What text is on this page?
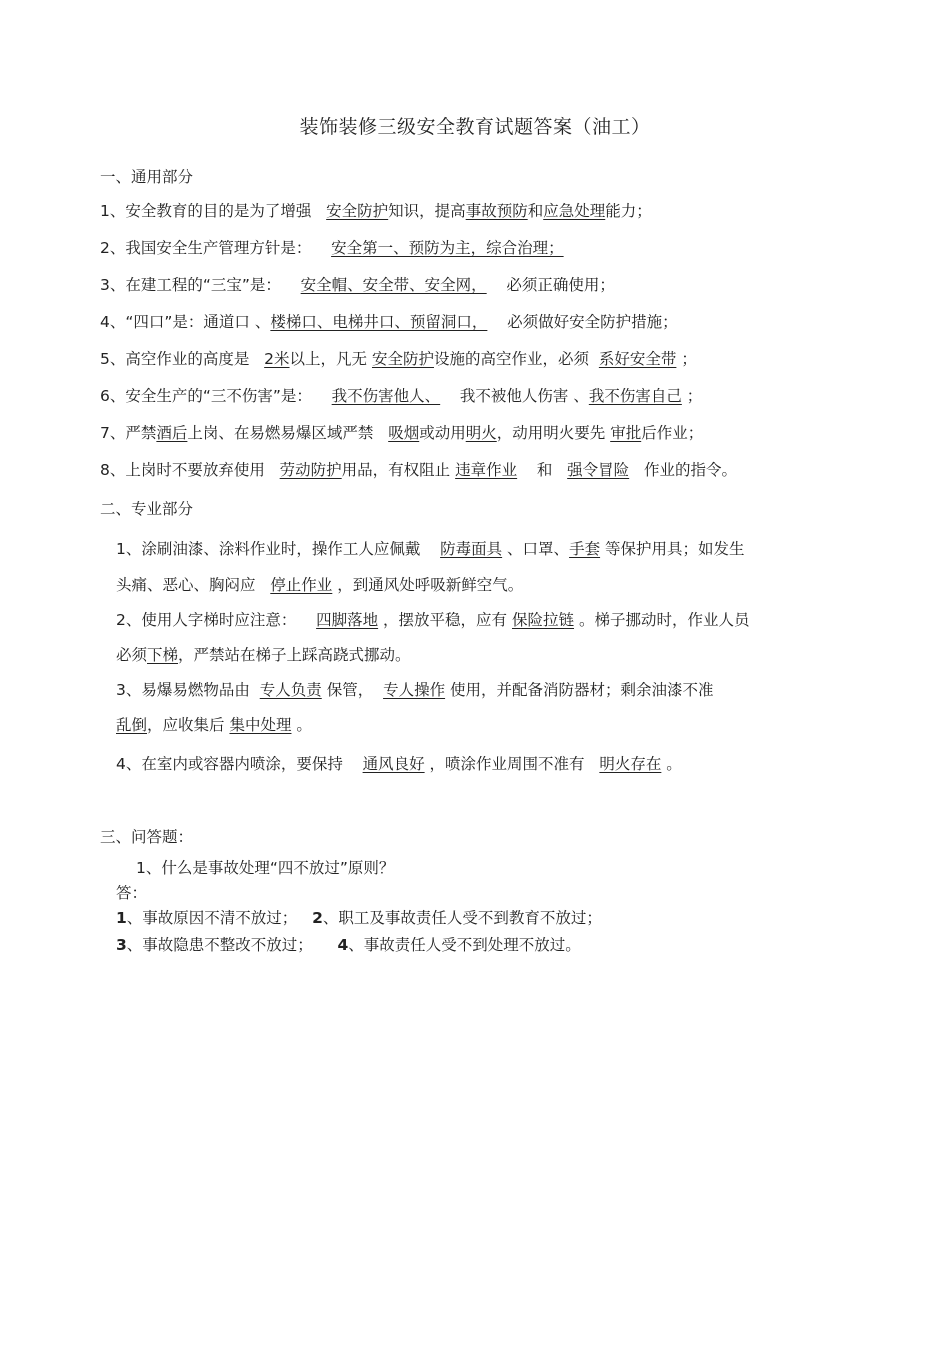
装饰装修三级安全教育试题答案（油工）
一、通用部分
1、安全教育的目的是为了增强 安全防护知识，提高事故预防和应急处理能力；
2、我国安全生产管理方针是： 安全第一、预防为主，综合治理；
3、在建工程的“三宝”是： 安全帽、安全带、安全网， 必须正确使用；
4、“四口”是：通道口 、楼梯口、电梯井口、预留洞口， 必须做好安全防护措施；
5、高空作业的高度是 2米以上，凡无 安全防护设施的高空作业，必须 系好安全带 ；
6、安全生产的“三不伤害”是： 我不伤害他人、 我不被他人伤害 、我不伤害自己 ；
7、严禁酒后上岗、在易燃易爆区域严禁 吸烟或动用明火，动用明火要先 审批后作业；
8、上岗时不要放弃使用 劳动防护用品，有权阻止 违章作业 和 强令冒险 作业的指令。
二、专业部分
1、涂刷油漆、涂料作业时，操作工人应佩戴 防毒面具 、口罩、手套 等保护用具；如发生
头痛、恶心、胸闷应 停止作业 ，到通风处呼吸新鲜空气。
2、使用人字梯时应注意： 四脚落地 ，摆放平稳，应有 保险拉链 。梯子挪动时，作业人员
必须下梯，严禁站在梯子上踩高跷式挪动。
3、易爆易燃物品由 专人负责 保管， 专人操作 使用，并配备消防器材；剩余油漆不准
乱倒，应收集后 集中处理 。
4、在室内或容器内喷涂，要保持 通风良好 ，喷涂作业周围不准有 明火存在 。
三、问答题：
1、什么是事故处理“四不放过”原则？
答：
1、事故原因不清不放过； 2、职工及事故责任人受不到教育不放过；
3、事故隐患不整改不放过； 4、事故责任人受不到处理不放过。
